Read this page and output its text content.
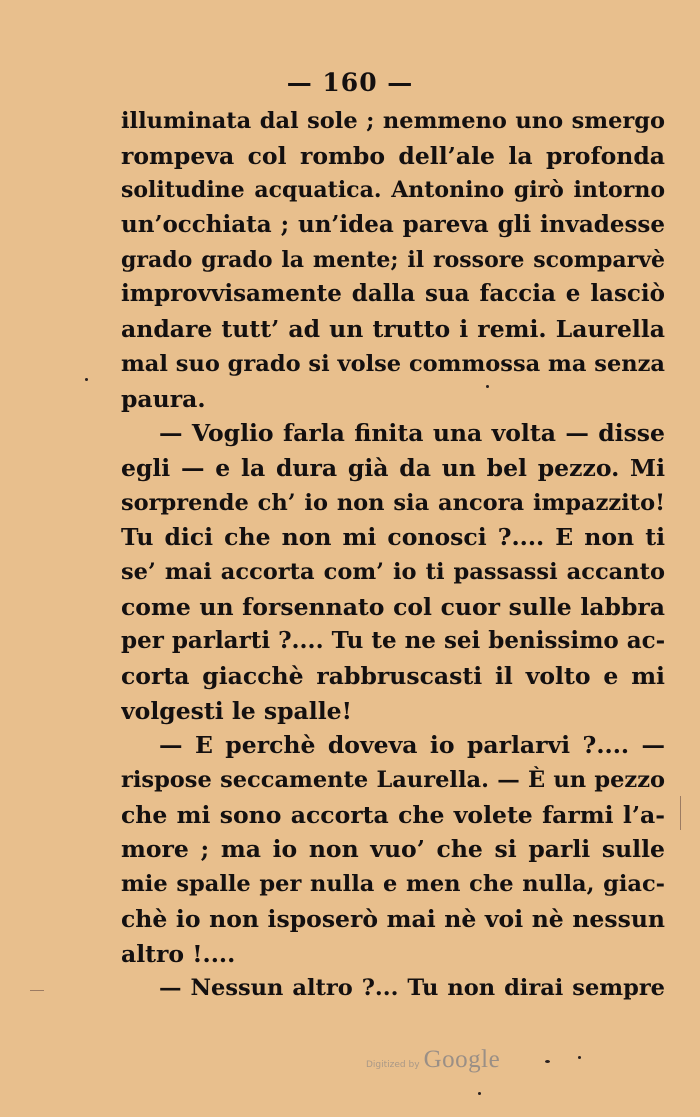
— 160 —
illuminata dal sole ; nemmeno uno smergo
rompeva col rombo dell’ale la profonda
solitudine acquatica. Antonino girò intorno
un’occhiata ; un’idea pareva gli invadesse
grado grado la mente; il rossore scomparvè
improvvisamente dalla sua faccia e lasciò
andare tutt’ ad un trutto i remi. Laurella
mal suo grado si volse commossa ma senza
paura.
— Voglio farla finita una volta — disse
egli — e la dura già da un bel pezzo. Mi
sorprende ch’ io non sia ancora impazzito!
Tu dici che non mi conosci ?.... E non ti
se’ mai accorta com’ io ti passassi accanto
come un forsennato col cuor sulle labbra
per parlarti ?.... Tu te ne sei benissimo ac-
corta giacchè rabbruscasti il volto e mi
volgesti le spalle!
— E perchè doveva io parlarvi ?.... —
rispose seccamente Laurella. — È un pezzo
che mi sono accorta che volete farmi l’a-
more ; ma io non vuo’ che si parli sulle
mie spalle per nulla e men che nulla, giac-
chè io non isposerò mai nè voi nè nessun
altro !....
— Nessun altro ?... Tu non dirai sempre
Digitized by Google
